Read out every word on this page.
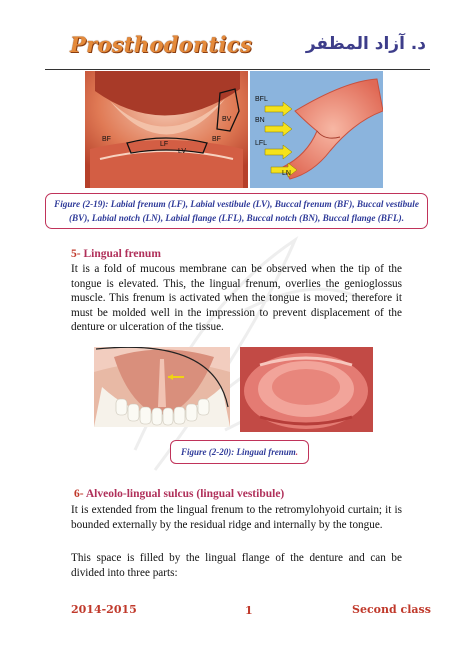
Prosthodontics	د. آزاد المظفر
BV
BF	BF
LF
LV
BFL
BN
LFL
LN
Figure (2-19): Labial frenum (LF), Labial vestibule (LV), Buccal frenum (BF), Buccal vestibule (BV), Labial notch (LN), Labial flange (LFL), Buccal notch (BN), Buccal flange (BFL).
5- Lingual frenum
It is a fold of mucous membrane can be observed when the tip of the tongue is elevated. This, the lingual frenum, overlies the genioglossus muscle. This frenum is activated when the tongue is moved; therefore it must be molded well in the impression to prevent displacement of the denture or ulceration of the tissue.
Figure (2-20): Lingual frenum.
6- Alveolo-lingual sulcus (lingual vestibule)
It is extended from the lingual frenum to the retromylohyoid curtain; it is bounded externally by the residual ridge and internally by the tongue.
This space is filled by the lingual flange of the denture and can be divided into three parts:
2014-2015	1	Second class
